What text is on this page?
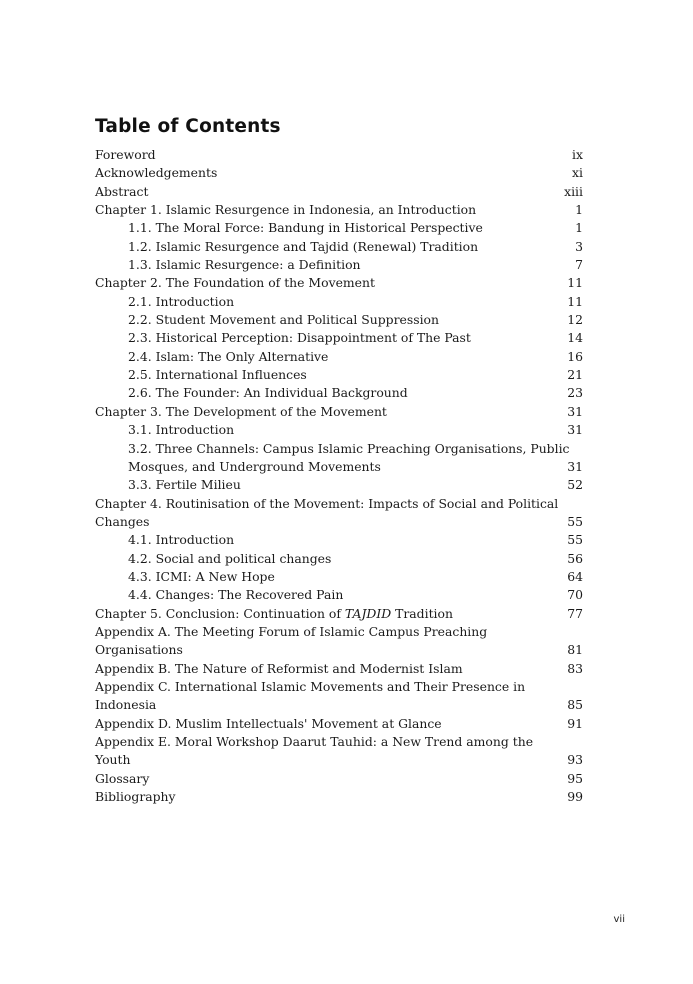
Table of Contents
Foreword	ix
Acknowledgements	xi
Abstract	xiii
Chapter 1. Islamic Resurgence in Indonesia, an Introduction	1
1.1. The Moral Force: Bandung in Historical Perspective	1
1.2. Islamic Resurgence and Tajdid (Renewal) Tradition	3
1.3. Islamic Resurgence: a Definition	7
Chapter 2. The Foundation of the Movement	11
2.1. Introduction	11
2.2. Student Movement and Political Suppression	12
2.3. Historical Perception: Disappointment of The Past	14
2.4. Islam: The Only Alternative	16
2.5. International Influences	21
2.6. The Founder: An Individual Background	23
Chapter 3. The Development of the Movement	31
3.1. Introduction	31
3.2. Three Channels: Campus Islamic Preaching Organisations, Public
Mosques, and Underground Movements	31
3.3. Fertile Milieu	52
Chapter 4. Routinisation of the Movement: Impacts of Social and Political
Changes	55
4.1. Introduction	55
4.2. Social and political changes	56
4.3. ICMI: A New Hope	64
4.4. Changes: The Recovered Pain	70
Chapter 5. Conclusion: Continuation of TAJDID Tradition	77
Appendix A. The Meeting Forum of Islamic Campus Preaching
Organisations	81
Appendix B. The Nature of Reformist and Modernist Islam	83
Appendix C. International Islamic Movements and Their Presence in
Indonesia	85
Appendix D. Muslim Intellectuals' Movement at Glance	91
Appendix E. Moral Workshop Daarut Tauhid: a New Trend among the
Youth	93
Glossary	95
Bibliography	99
vii
